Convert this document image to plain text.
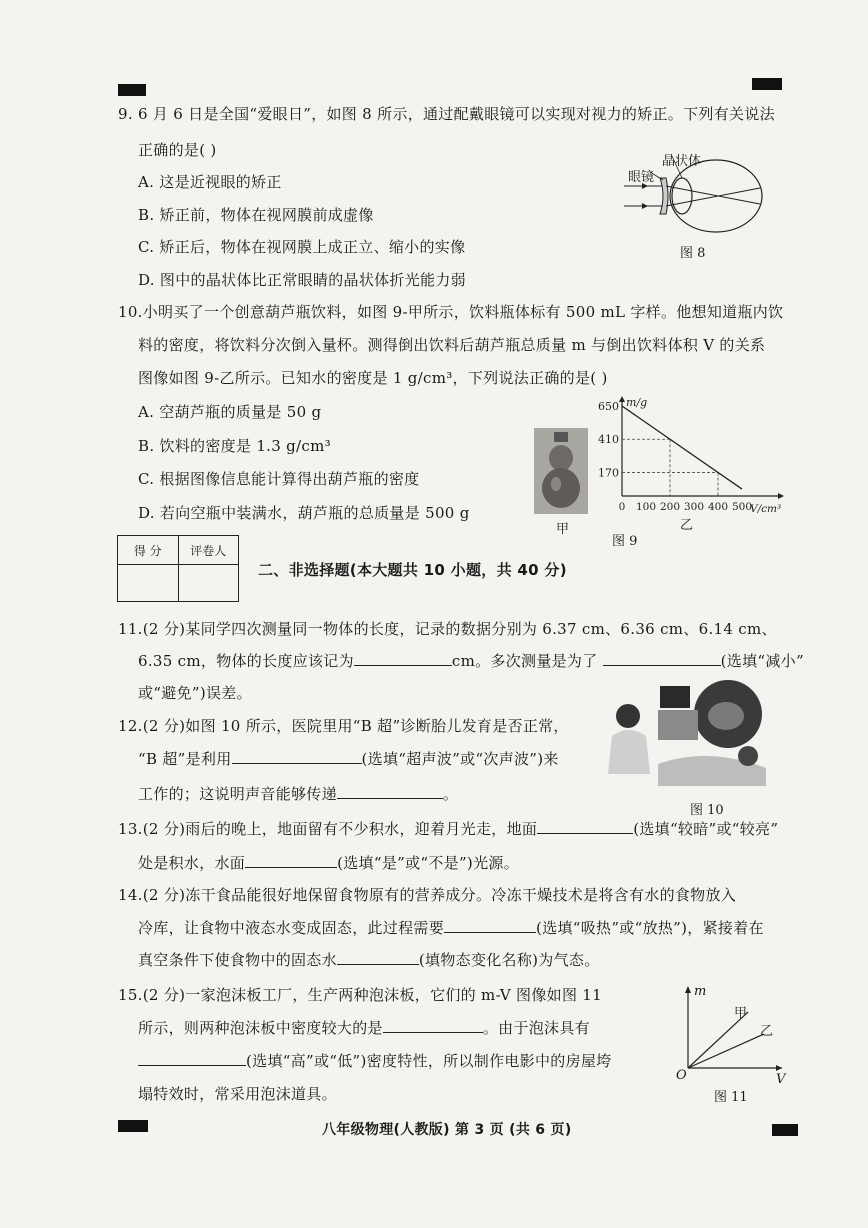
9. 6 月 6 日是全国“爱眼日”，如图 8 所示，通过配戴眼镜可以实现对视力的矫正。下列有关说法
正确的是( )
A. 这是近视眼的矫正
B. 矫正前，物体在视网膜前成虚像
C. 矫正后，物体在视网膜上成正立、缩小的实像
D. 图中的晶状体比正常眼睛的晶状体折光能力弱
晶状体
眼镜
图 8
10.小明买了一个创意葫芦瓶饮料，如图 9-甲所示，饮料瓶体标有 500 mL 字样。他想知道瓶内饮
料的密度，将饮料分次倒入量杯。测得倒出饮料后葫芦瓶总质量 m 与倒出饮料体积 V 的关系
图像如图 9-乙所示。已知水的密度是 1 g/cm³，下列说法正确的是( )
A. 空葫芦瓶的质量是 50 g
B. 饮料的密度是 1.3 g/cm³
C. 根据图像信息能计算得出葫芦瓶的密度
D. 若向空瓶中装满水，葫芦瓶的总质量是 500 g
甲
650
410
170
0 100 200 300 400 500
m/g
V/cm³
乙
图 9
得 分	评卷人

二、非选择题(本大题共 10 小题，共 40 分)
11.(2 分)某同学四次测量同一物体的长度，记录的数据分别为 6.37 cm、6.36 cm、6.14 cm、
6.35 cm，物体的长度应该记为	cm。多次测量是为了	(选填“减小”
或“避免”)误差。
12.(2 分)如图 10 所示，医院里用“B 超”诊断胎儿发育是否正常，
“B 超”是利用	(选填“超声波”或“次声波”)来
工作的；这说明声音能够传递	。
图 10
13.(2 分)雨后的晚上，地面留有不少积水，迎着月光走，地面	(选填“较暗”或“较亮”
处是积水，水面	(选填“是”或“不是”)光源。
14.(2 分)冻干食品能很好地保留食物原有的营养成分。冷冻干燥技术是将含有水的食物放入
冷库，让食物中液态水变成固态，此过程需要	(选填“吸热”或“放热”)，紧接着在
真空条件下使食物中的固态水	(填物态变化名称)为气态。
15.(2 分)一家泡沫板工厂，生产两种泡沫板，它们的 m-V 图像如图 11
所示，则两种泡沫板中密度较大的是	。由于泡沫具有
(选填“高”或“低”)密度特性，所以制作电影中的房屋垮
塌特效时，常采用泡沫道具。
m
V
O
甲
乙
图 11
八年级物理(人教版) 第 3 页 (共 6 页)
